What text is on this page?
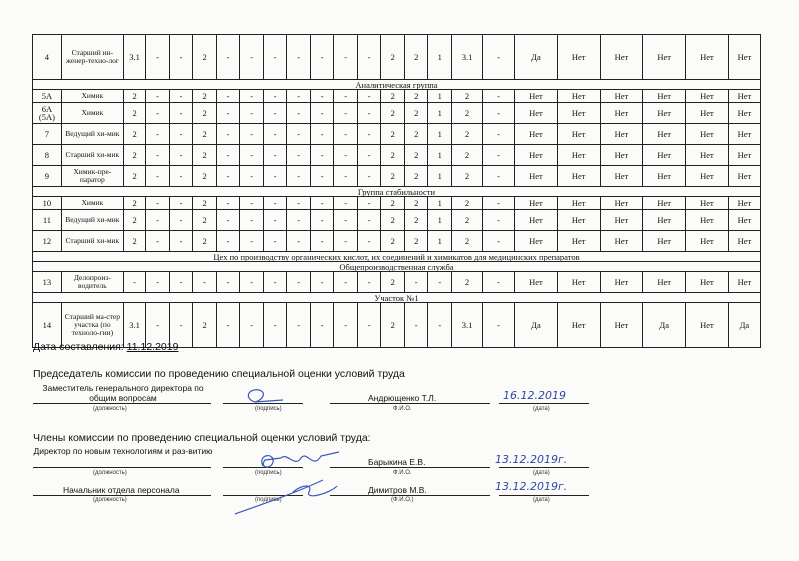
4	Старший ин-женер-техно-лог	3.1	-	-	2	-	-	-	-	-	-	-	2	2	1	3.1	-	Да	Нет	Нет	Нет	Нет	Нет
Аналитическая группа																							
5А	Химик	2	-	-	2	-	-	-	-	-	-	-	2	2	1	2	-	Нет	Нет	Нет	Нет	Нет	Нет
6А (5А)	Химик	2	-	-	2	-	-	-	-	-	-	-	2	2	1	2	-	Нет	Нет	Нет	Нет	Нет	Нет
7	Ведущий хи-мик	2	-	-	2	-	-	-	-	-	-	-	2	2	1	2	-	Нет	Нет	Нет	Нет	Нет	Нет
8	Старший хи-мик	2	-	-	2	-	-	-	-	-	-	-	2	2	1	2	-	Нет	Нет	Нет	Нет	Нет	Нет
9	Химик-пре-паратор	2	-	-	2	-	-	-	-	-	-	-	2	2	1	2	-	Нет	Нет	Нет	Нет	Нет	Нет
Группа стабильности																							
10	Химик	2	-	-	2	-	-	-	-	-	-	-	2	2	1	2	-	Нет	Нет	Нет	Нет	Нет	Нет
11	Ведущий хи-мик	2	-	-	2	-	-	-	-	-	-	-	2	2	1	2	-	Нет	Нет	Нет	Нет	Нет	Нет
12	Старший хи-мик	2	-	-	2	-	-	-	-	-	-	-	2	2	1	2	-	Нет	Нет	Нет	Нет	Нет	Нет
Цех по производству органических кислот, их соединений и химикатов для медицинских препаратов																							
Общепроизводственная служба																							
13	Делопроиз-водитель	-	-	-	-	-	-	-	-	-	-	-	2	-	-	2	-	Нет	Нет	Нет	Нет	Нет	Нет
Участок №1																							
14	Старший ма-стер участка (по техноло-гии)	3.1	-	-	2	-	-	-	-	-	-	-	2	-	-	3.1	-	Да	Нет	Нет	Да	Нет	Да
Дата составления: 11.12.2019
Председатель комиссии по проведению специальной оценки условий труда
Заместитель генерального директора по общим вопросам
(должность)	(подпись)	Ф.И.О.	(дата)
Андрющенко Т.Л.	16.12.2019
Члены комиссии по проведению специальной оценки условий труда:
Директор по новым технологиям и раз-витию
(должность)	(подпись)	Ф.И.О.	(дата)
Барыкина Е.В.	13.12.2019г.
Начальник отдела персонала
(должность)	(подпись)	(Ф.И.О.)	(дата)
Димитров М.В.	13.12.2019г.
